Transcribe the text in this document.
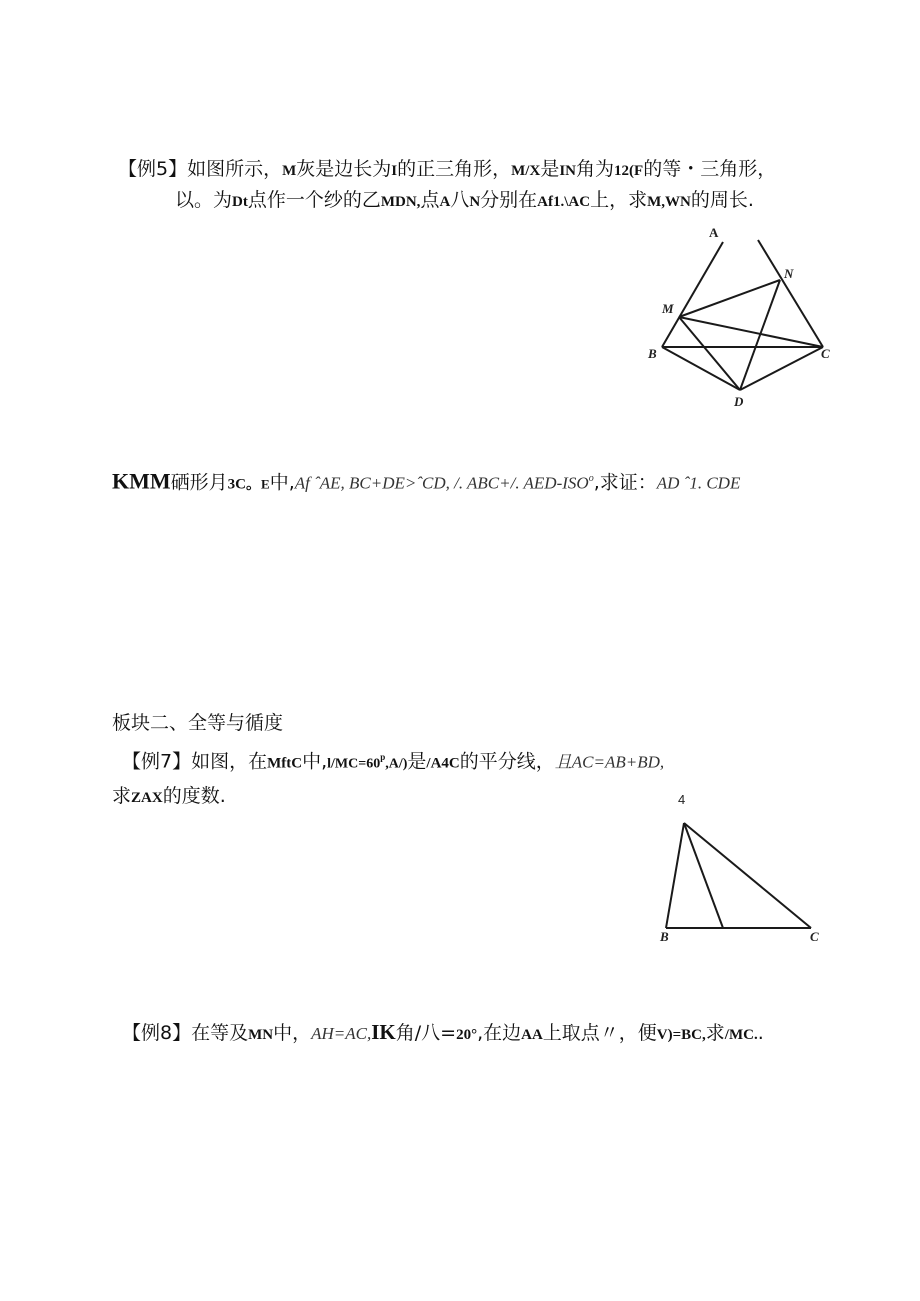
【例5】如图所示，M灰是边长为I的正三角形，M/X是IN角为12(F的等・三角形，
以。为Dt点作一个纱的乙MDN,点A八N分别在Af1.\AC上，求M,WN的周长.
A
N
M
B	C
D
KMM硒形月3C。E中,Af ˆAE, BC+DE>ˆCD, /. ABC+/. AED-ISO$^o$,求证：AD ˆ1. CDE
板块二、全等与循度
【例7】如图，在MftC中$,l/MC=60^p,A/$)是/A4C的平分线，且AC=AB+BD,
求ZAX的度数.	4
B	C
【例8】在等及MN中，AH=AC,IK角/八=20°,在边AA上取点〃，便V)=BC,求/MC..
